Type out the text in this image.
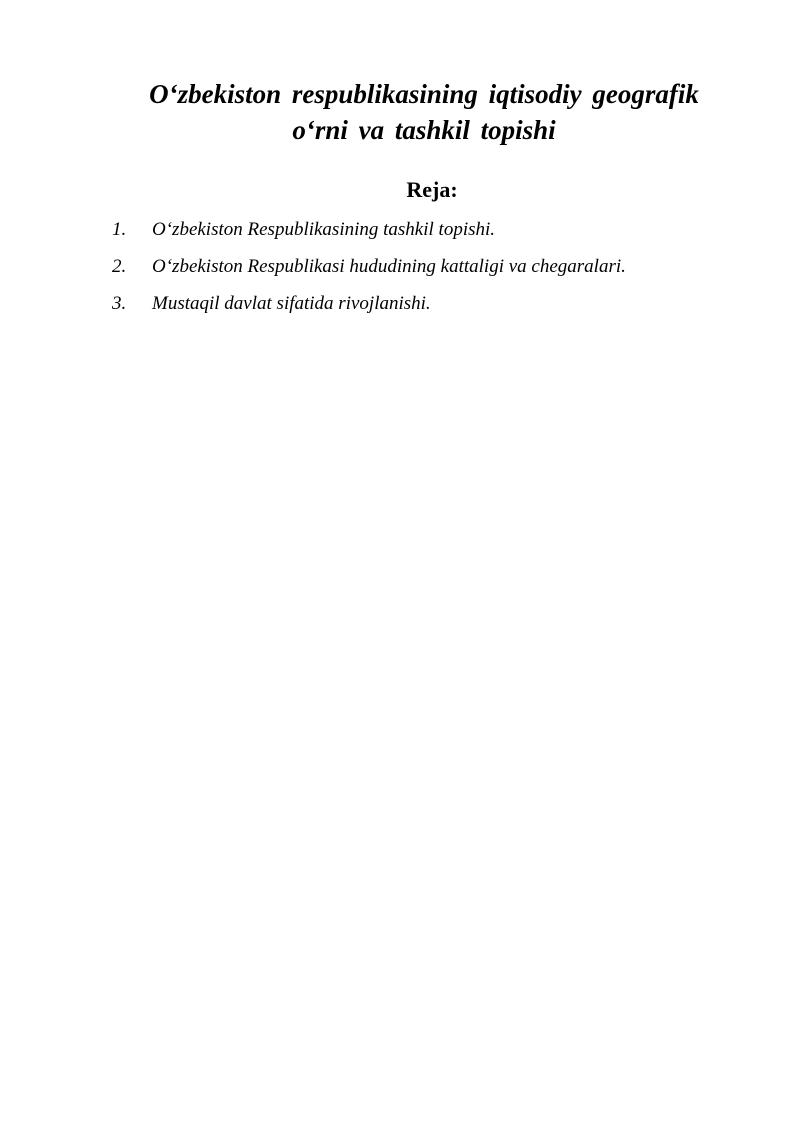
O‘zbekiston respublikasining iqtisodiy geografik
o‘rni va tashkil topishi
Reja:
1.	O‘zbekiston Respublikasining tashkil topishi.
2.	O‘zbekiston Respublikasi hududining kattaligi va chegaralari.
3.	Mustaqil davlat sifatida rivojlanishi.
